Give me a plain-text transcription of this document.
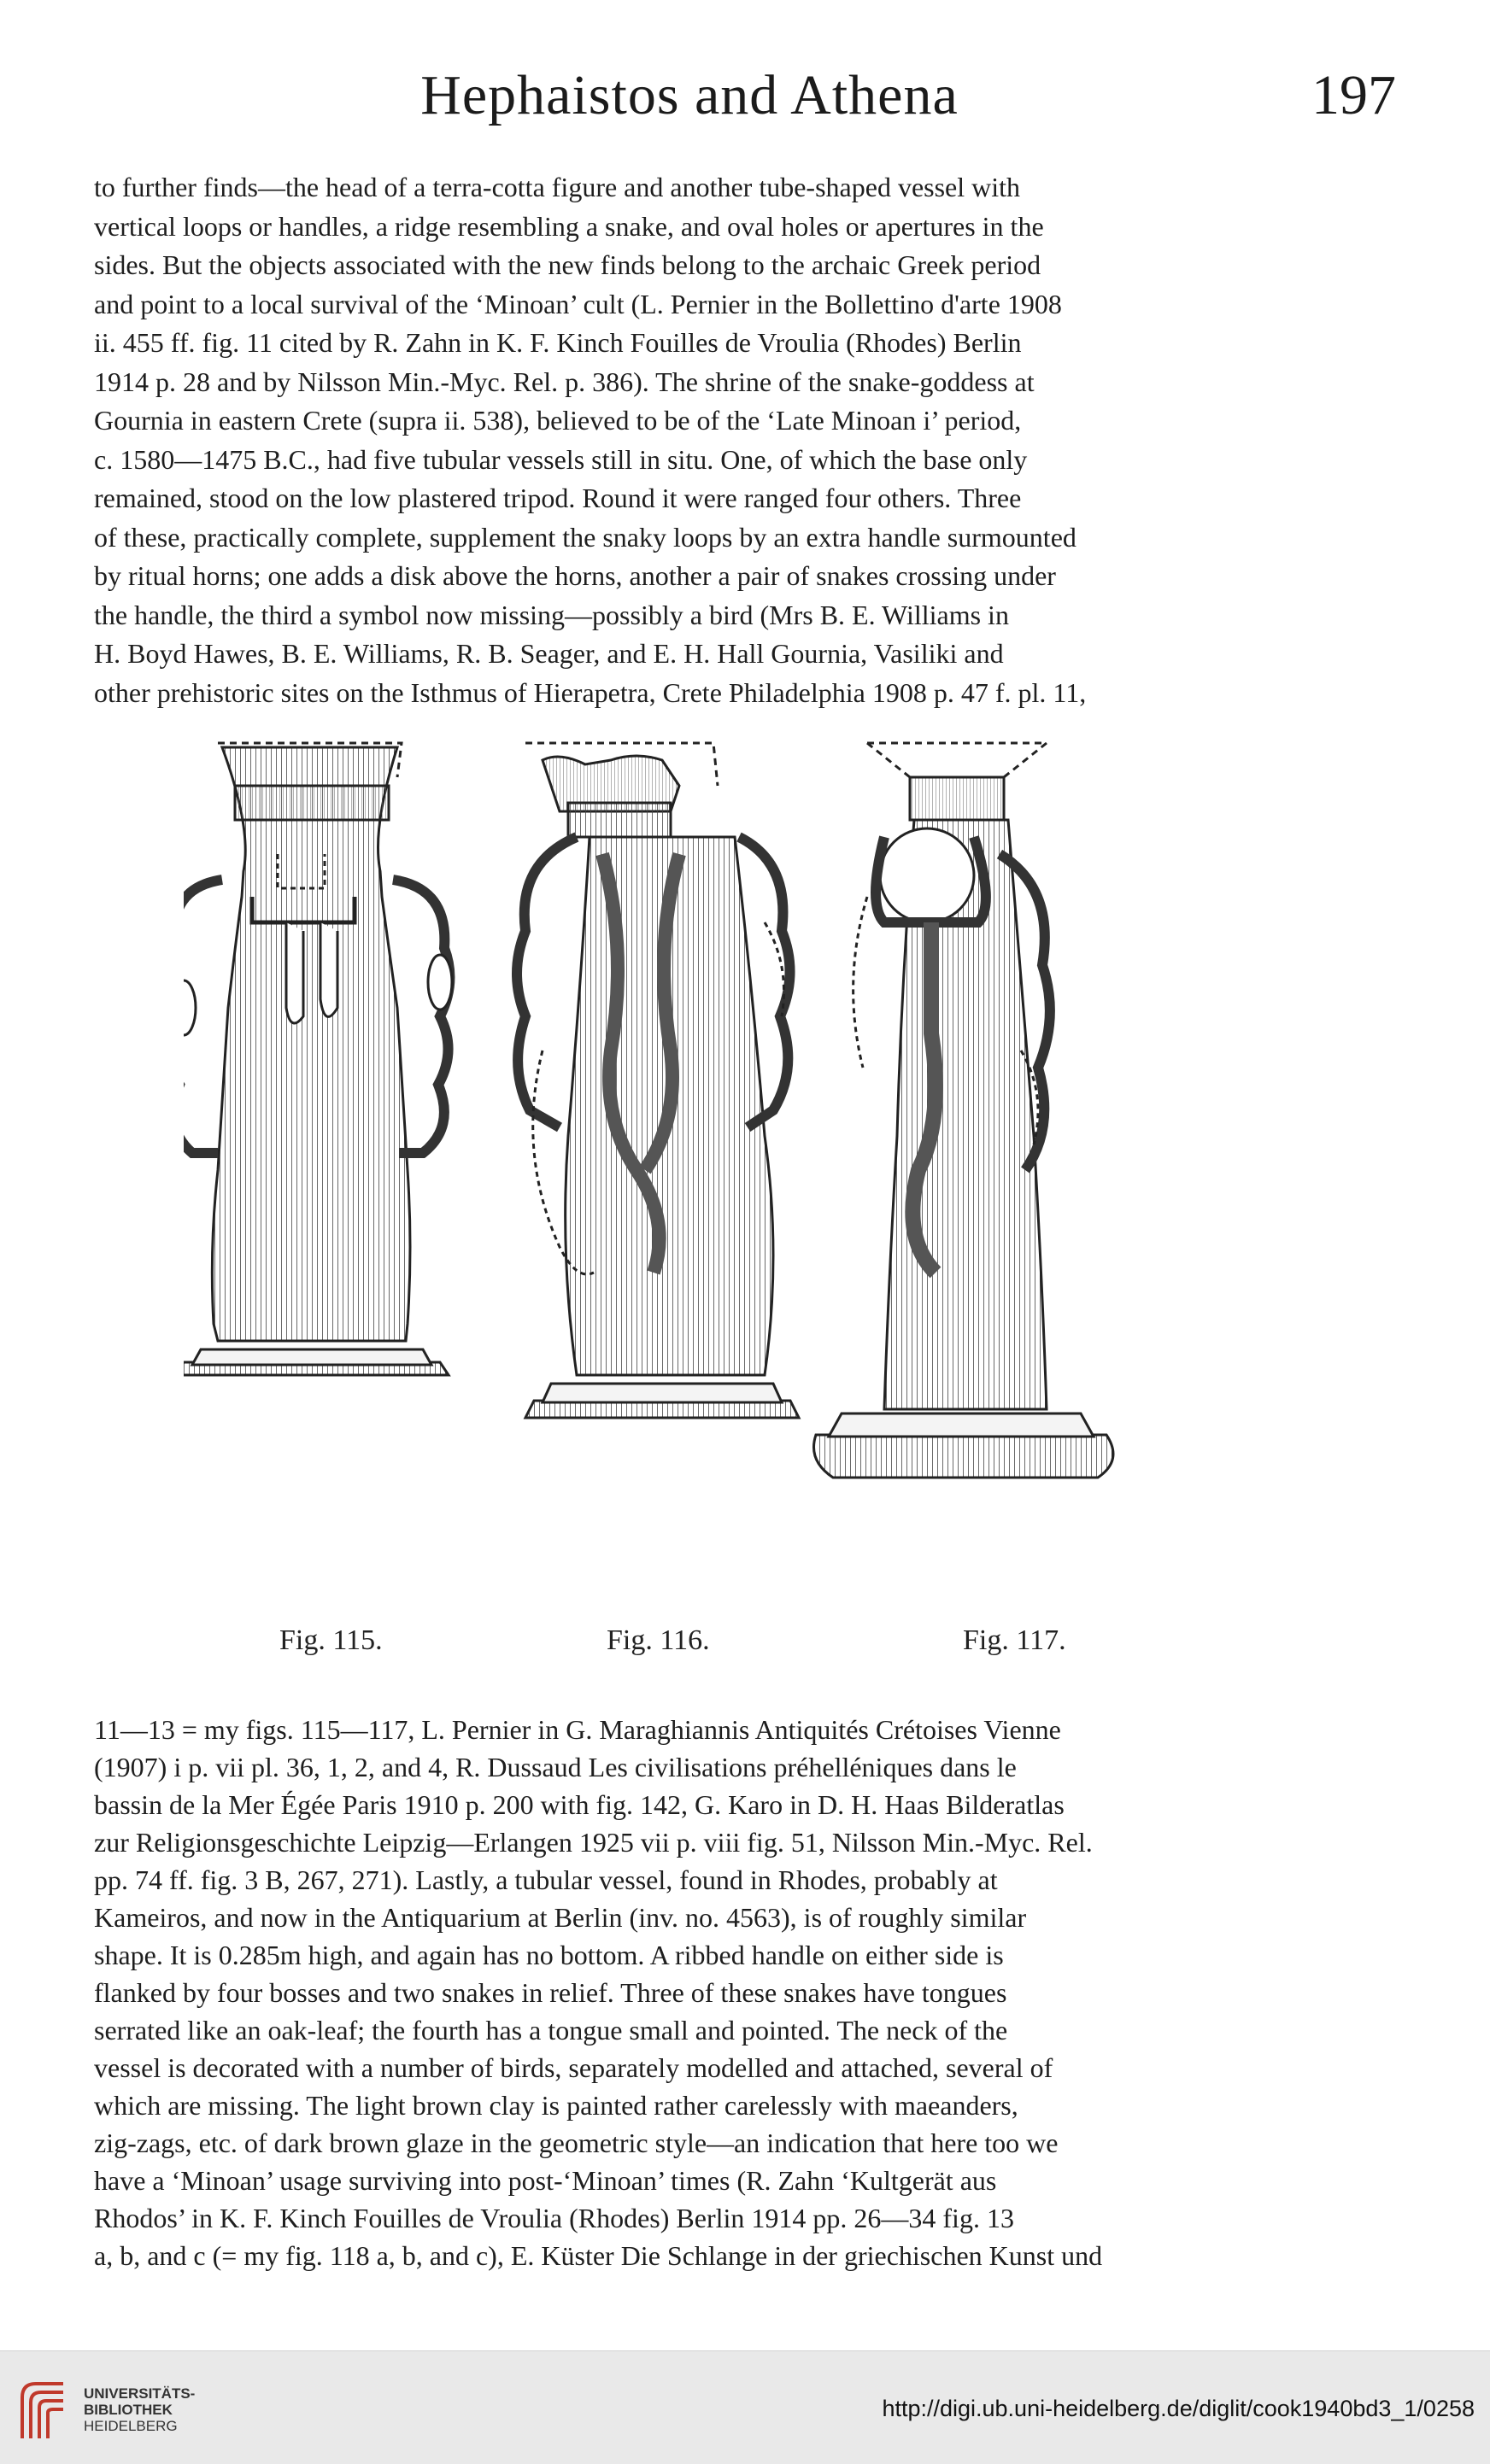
Hephaistos and Athena	197
to further finds—the head of a terra-cotta figure and another tube-shaped vessel with
vertical loops or handles, a ridge resembling a snake, and oval holes or apertures in the
sides. But the objects associated with the new finds belong to the archaic Greek period
and point to a local survival of the ‘Minoan’ cult (L. Pernier in the Bollettino d'arte 1908
ii. 455 ff. fig. 11 cited by R. Zahn in K. F. Kinch Fouilles de Vroulia (Rhodes) Berlin
1914 p. 28 and by Nilsson Min.-Myc. Rel. p. 386). The shrine of the snake-goddess at
Gournia in eastern Crete (supra ii. 538), believed to be of the ‘Late Minoan i’ period,
c. 1580—1475 B.C., had five tubular vessels still in situ. One, of which the base only
remained, stood on the low plastered tripod. Round it were ranged four others. Three
of these, practically complete, supplement the snaky loops by an extra handle surmounted
by ritual horns; one adds a disk above the horns, another a pair of snakes crossing under
the handle, the third a symbol now missing—possibly a bird (Mrs B. E. Williams in
H. Boyd Hawes, B. E. Williams, R. B. Seager, and E. H. Hall Gournia, Vasiliki and
other prehistoric sites on the Isthmus of Hierapetra, Crete Philadelphia 1908 p. 47 f. pl. 11,
Fig. 115.	Fig. 116.	Fig. 117.
11—13 = my figs. 115—117, L. Pernier in G. Maraghiannis Antiquités Crétoises Vienne
(1907) i p. vii pl. 36, 1, 2, and 4, R. Dussaud Les civilisations préhelléniques dans le
bassin de la Mer Égée Paris 1910 p. 200 with fig. 142, G. Karo in D. H. Haas Bilderatlas
zur Religionsgeschichte Leipzig—Erlangen 1925 vii p. viii fig. 51, Nilsson Min.-Myc. Rel.
pp. 74 ff. fig. 3 B, 267, 271). Lastly, a tubular vessel, found in Rhodes, probably at
Kameiros, and now in the Antiquarium at Berlin (inv. no. 4563), is of roughly similar
shape. It is 0.285m high, and again has no bottom. A ribbed handle on either side is
flanked by four bosses and two snakes in relief. Three of these snakes have tongues
serrated like an oak-leaf; the fourth has a tongue small and pointed. The neck of the
vessel is decorated with a number of birds, separately modelled and attached, several of
which are missing. The light brown clay is painted rather carelessly with maeanders,
zig-zags, etc. of dark brown glaze in the geometric style—an indication that here too we
have a ‘Minoan’ usage surviving into post-‘Minoan’ times (R. Zahn ‘Kultgerät aus
Rhodos’ in K. F. Kinch Fouilles de Vroulia (Rhodes) Berlin 1914 pp. 26—34 fig. 13
a, b, and c (= my fig. 118 a, b, and c), E. Küster Die Schlange in der griechischen Kunst und
UNIVERSITÄTS-
BIBLIOTHEK
HEIDELBERG
http://digi.ub.uni-heidelberg.de/diglit/cook1940bd3_1/0258
